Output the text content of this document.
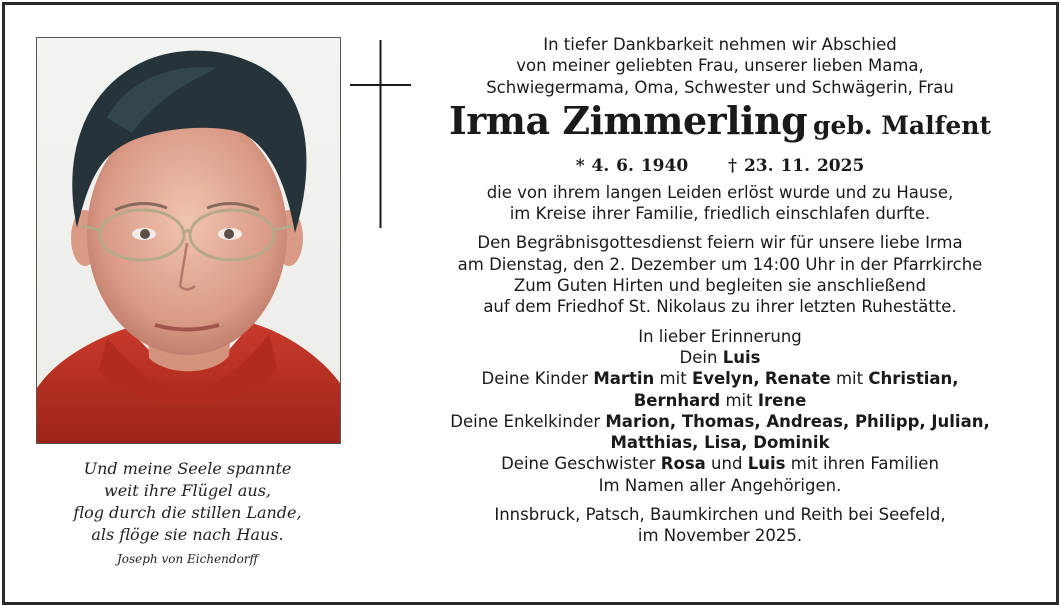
Und meine Seele spannte
weit ihre Flügel aus,
flog durch die stillen Lande,
als flöge sie nach Haus.
Joseph von Eichendorff

In tiefer Dankbarkeit nehmen wir Abschied

von meiner geliebten Frau, unserer lieben Mama,

Schwiegermama, Oma, Schwester und Schwägerin, Frau

Irma Zimmerling geb. Malfent

* 4. 6. 1940 † 23. 11. 2025

die von ihrem langen Leiden erlöst wurde und zu Hause,

im Kreise ihrer Familie, friedlich einschlafen durfte.

Den Begräbnisgottesdienst feiern wir für unsere liebe Irma

am Dienstag, den 2. Dezember um 14:00 Uhr in der Pfarrkirche

Zum Guten Hirten und begleiten sie anschließend

auf dem Friedhof St. Nikolaus zu ihrer letzten Ruhestätte.

In lieber Erinnerung

Dein Luis

Deine Kinder Martin mit Evelyn, Renate mit Christian,

Bernhard mit Irene

Deine Enkelkinder Marion, Thomas, Andreas, Philipp, Julian,

Matthias, Lisa, Dominik

Deine Geschwister Rosa und Luis mit ihren Familien

Im Namen aller Angehörigen.

Innsbruck, Patsch, Baumkirchen und Reith bei Seefeld,

im November 2025.
